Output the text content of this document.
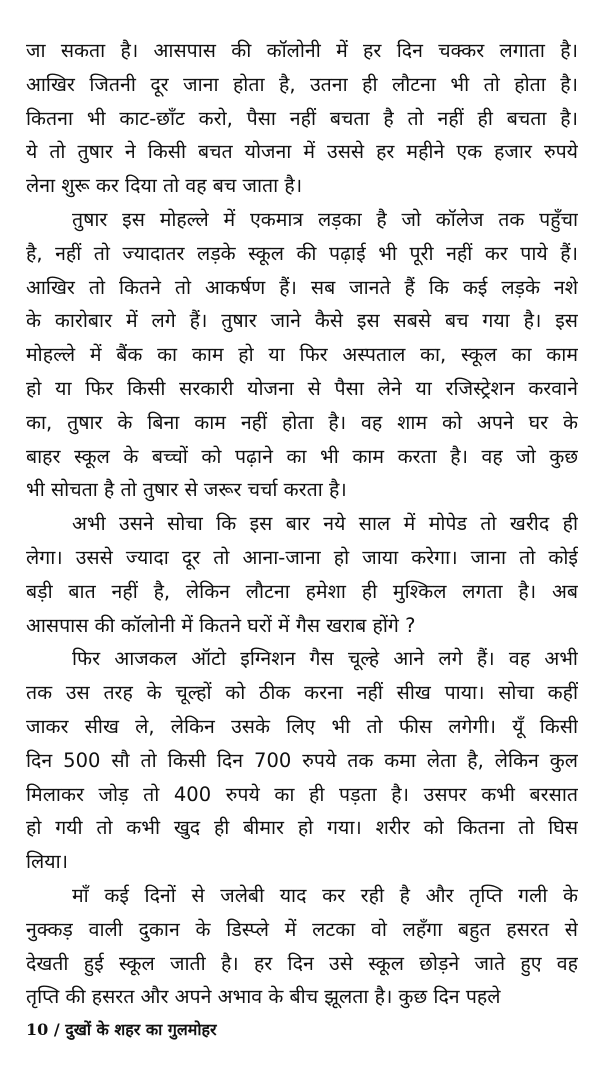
जा सकता है। आसपास की कॉलोनी में हर दिन चक्कर लगाता है।
आखिर जितनी दूर जाना होता है, उतना ही लौटना भी तो होता है।
कितना भी काट-छाँट करो, पैसा नहीं बचता है तो नहीं ही बचता है।
ये तो तुषार ने किसी बचत योजना में उससे हर महीने एक हजार रुपये
लेना शुरू कर दिया तो वह बच जाता है।
तुषार इस मोहल्ले में एकमात्र लड़का है जो कॉलेज तक पहुँचा
है, नहीं तो ज्यादातर लड़के स्कूल की पढ़ाई भी पूरी नहीं कर पाये हैं।
आखिर तो कितने तो आकर्षण हैं। सब जानते हैं कि कई लड़के नशे
के कारोबार में लगे हैं। तुषार जाने कैसे इस सबसे बच गया है। इस
मोहल्ले में बैंक का काम हो या फिर अस्पताल का, स्कूल का काम
हो या फिर किसी सरकारी योजना से पैसा लेने या रजिस्ट्रेशन करवाने
का, तुषार के बिना काम नहीं होता है। वह शाम को अपने घर के
बाहर स्कूल के बच्चों को पढ़ाने का भी काम करता है। वह जो कुछ
भी सोचता है तो तुषार से जरूर चर्चा करता है।
अभी उसने सोचा कि इस बार नये साल में मोपेड तो खरीद ही
लेगा। उससे ज्यादा दूर तो आना-जाना हो जाया करेगा। जाना तो कोई
बड़ी बात नहीं है, लेकिन लौटना हमेशा ही मुश्किल लगता है। अब
आसपास की कॉलोनी में कितने घरों में गैस खराब होंगे ?
फिर आजकल ऑटो इग्निशन गैस चूल्हे आने लगे हैं। वह अभी
तक उस तरह के चूल्हों को ठीक करना नहीं सीख पाया। सोचा कहीं
जाकर सीख ले, लेकिन उसके लिए भी तो फीस लगेगी। यूँ किसी
दिन 500 सौ तो किसी दिन 700 रुपये तक कमा लेता है, लेकिन कुल
मिलाकर जोड़ तो 400 रुपये का ही पड़ता है। उसपर कभी बरसात
हो गयी तो कभी खुद ही बीमार हो गया। शरीर को कितना तो घिस
लिया।
माँ कई दिनों से जलेबी याद कर रही है और तृप्ति गली के
नुक्कड़ वाली दुकान के डिस्प्ले में लटका वो लहँगा बहुत हसरत से
देखती हुई स्कूल जाती है। हर दिन उसे स्कूल छोड़ने जाते हुए वह
तृप्ति की हसरत और अपने अभाव के बीच झूलता है। कुछ दिन पहले
10 / दुखों के शहर का गुलमोहर
